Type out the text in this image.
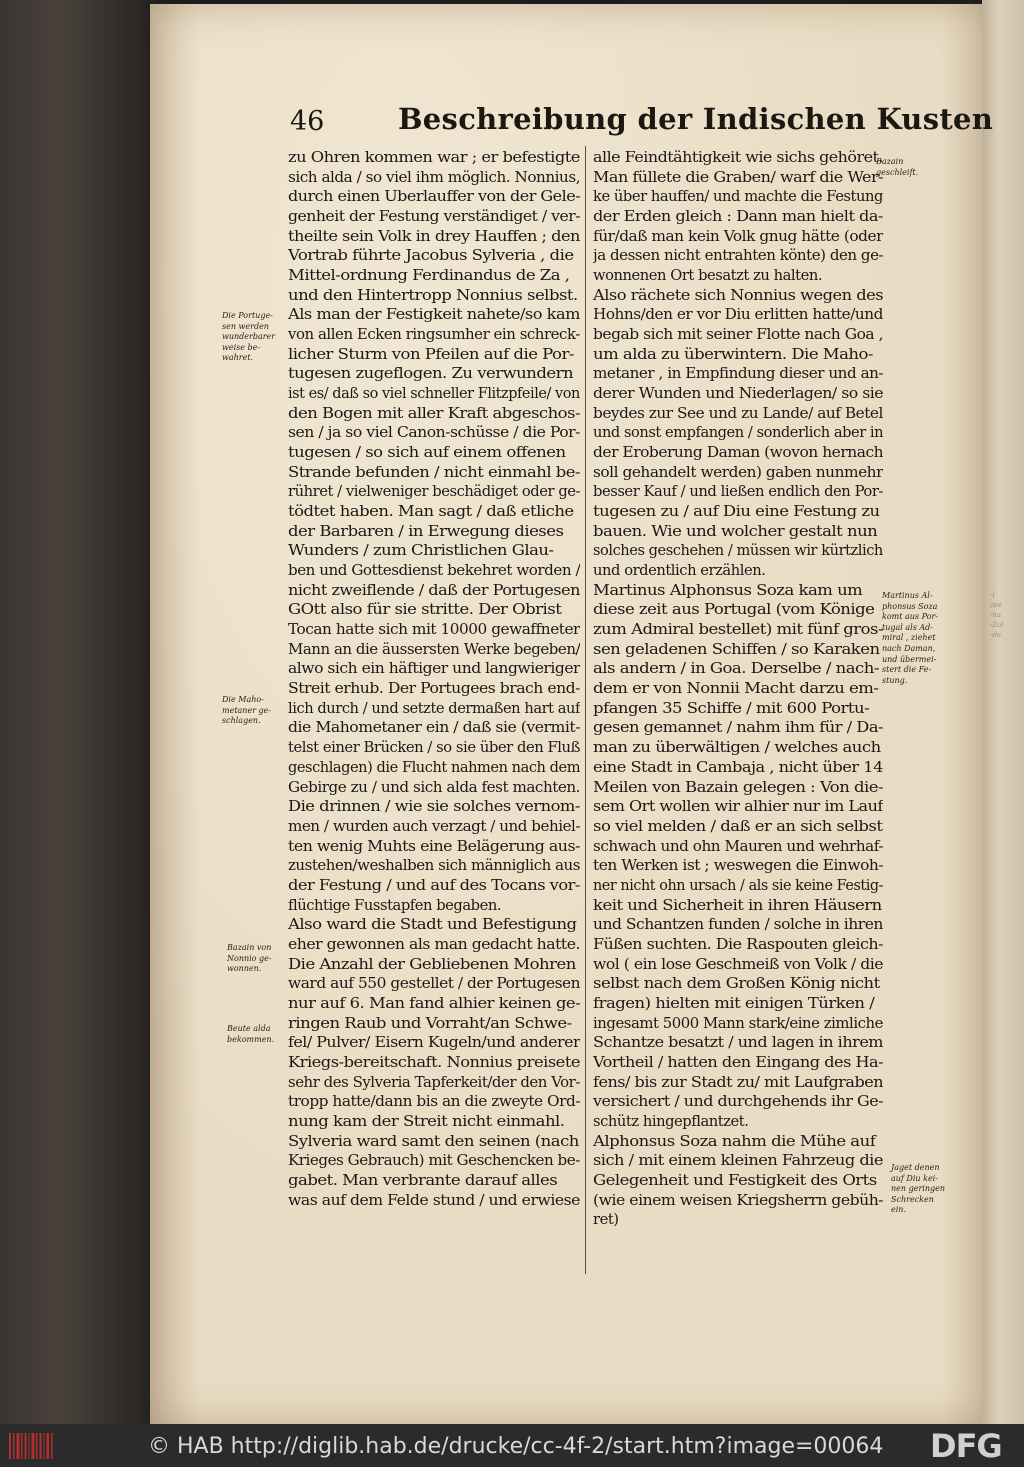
-(
zee
-ha
-Zal
-de.
46	Beschreibung der Indischen Kusten
zu Ohren kommen war ; er befestigte
sich alda / so viel ihm möglich. Nonnius,
durch einen Uberlauffer von der Gele-
genheit der Festung verständiget / ver-
theilte sein Volk in drey Hauffen ; den
Vortrab führte Jacobus Sylveria , die
Mittel-ordnung Ferdinandus de Za ,
und den Hintertropp Nonnius selbst.
Als man der Festigkeit nahete/so kam
von allen Ecken ringsumher ein schreck-
licher Sturm von Pfeilen auf die Por-
tugesen zugeflogen. Zu verwundern
ist es/ daß so viel schneller Flitzpfeile/ von
den Bogen mit aller Kraft abgeschos-
sen / ja so viel Canon-schüsse / die Por-
tugesen / so sich auf einem offenen
Strande befunden / nicht einmahl be-
rühret / vielweniger beschädiget oder ge-
tödtet haben. Man sagt / daß etliche
der Barbaren / in Erwegung dieses
Wunders / zum Christlichen Glau-
ben und Gottesdienst bekehret worden /
nicht zweiflende / daß der Portugesen
GOtt also für sie stritte. Der Obrist
Tocan hatte sich mit 10000 gewaffneter
Mann an die äussersten Werke begeben/
alwo sich ein häftiger und langwieriger
Streit erhub. Der Portugees brach end-
lich durch / und setzte dermaßen hart auf
die Mahometaner ein / daß sie (vermit-
telst einer Brücken / so sie über den Fluß
geschlagen) die Flucht nahmen nach dem
Gebirge zu / und sich alda fest machten.
Die drinnen / wie sie solches vernom-
men / wurden auch verzagt / und behiel-
ten wenig Muhts eine Belägerung aus-
zustehen/weshalben sich männiglich aus
der Festung / und auf des Tocans vor-
flüchtige Fusstapfen begaben.
Also ward die Stadt und Befestigung
eher gewonnen als man gedacht hatte.
Die Anzahl der Gebliebenen Mohren
ward auf 550 gestellet / der Portugesen
nur auf 6. Man fand alhier keinen ge-
ringen Raub und Vorraht/an Schwe-
fel/ Pulver/ Eisern Kugeln/und anderer
Kriegs-bereitschaft. Nonnius preisete
sehr des Sylveria Tapferkeit/der den Vor-
tropp hatte/dann bis an die zweyte Ord-
nung kam der Streit nicht einmahl.
Sylveria ward samt den seinen (nach
Krieges Gebrauch) mit Geschencken be-
gabet. Man verbrante darauf alles
was auf dem Felde stund / und erwiese
alle Feindtähtigkeit wie sichs gehöret.
Man füllete die Graben/ warf die Wer-
ke über hauffen/ und machte die Festung
der Erden gleich : Dann man hielt da-
für/daß man kein Volk gnug hätte (oder
ja dessen nicht entrahten könte) den ge-
wonnenen Ort besatzt zu halten.
Also rächete sich Nonnius wegen des
Hohns/den er vor Diu erlitten hatte/und
begab sich mit seiner Flotte nach Goa ,
um alda zu überwintern. Die Maho-
metaner , in Empfindung dieser und an-
derer Wunden und Niederlagen/ so sie
beydes zur See und zu Lande/ auf Betel
und sonst empfangen / sonderlich aber in
der Eroberung Daman (wovon hernach
soll gehandelt werden) gaben nunmehr
besser Kauf / und ließen endlich den Por-
tugesen zu / auf Diu eine Festung zu
bauen. Wie und wolcher gestalt nun
solches geschehen / müssen wir kürtzlich
und ordentlich erzählen.
Martinus Alphonsus Soza kam um
diese zeit aus Portugal (vom Könige
zum Admiral bestellet) mit fünf gros-
sen geladenen Schiffen / so Karaken
als andern / in Goa. Derselbe / nach-
dem er von Nonnii Macht darzu em-
pfangen 35 Schiffe / mit 600 Portu-
gesen gemannet / nahm ihm für / Da-
man zu überwältigen / welches auch
eine Stadt in Cambaja , nicht über 14
Meilen von Bazain gelegen : Von die-
sem Ort wollen wir alhier nur im Lauf
so viel melden / daß er an sich selbst
schwach und ohn Mauren und wehrhaf-
ten Werken ist ; weswegen die Einwoh-
ner nicht ohn ursach / als sie keine Festig-
keit und Sicherheit in ihren Häusern
und Schantzen funden / solche in ihren
Füßen suchten. Die Raspouten gleich-
wol ( ein lose Geschmeiß von Volk / die
selbst nach dem Großen König nicht
fragen) hielten mit einigen Türken /
ingesamt 5000 Mann stark/eine zimliche
Schantze besatzt / und lagen in ihrem
Vortheil / hatten den Eingang des Ha-
fens/ bis zur Stadt zu/ mit Laufgraben
versichert / und durchgehends ihr Ge-
schütz hingepflantzet.
Alphonsus Soza nahm die Mühe auf
sich / mit einem kleinen Fahrzeug die
Gelegenheit und Festigkeit des Orts
(wie einem weisen Kriegsherrn gebüh-
ret)
Die Portuge-
sen werden
wunderbarer
weise be-
wahret.
Die Maho-
metaner ge-
schlagen.
Bazain von
Nonnio ge-
wonnen.
Beute alda
bekommen.
Bazain
geschleift.
Martinus Al-
phonsus Soza
komt aus Por-
tugal als Ad-
miral , ziehet
nach Daman,
und übermei-
stert die Fe-
stung.
Jaget denen
auf Diu kei-
nen geringen
Schrecken
ein.
© HAB http://diglib.hab.de/drucke/cc-4f-2/start.htm?image=00064 DFG
